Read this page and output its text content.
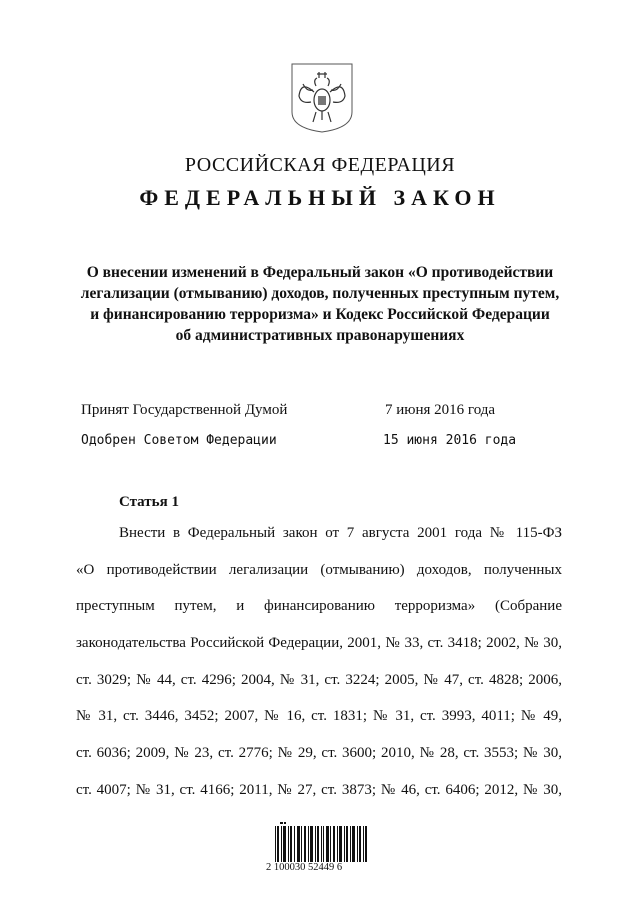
РОССИЙСКАЯ ФЕДЕРАЦИЯ
ФЕДЕРАЛЬНЫЙ ЗАКОН
О внесении изменений в Федеральный закон «О противодействии
легализации (отмыванию) доходов, полученных преступным путем,
и финансированию терроризма» и Кодекс Российской Федерации
об административных правонарушениях
Принят Государственной Думой	7 июня 2016 года
Одобрен Советом Федерации	15 июня 2016 года
Статья 1
Внести в Федеральный закон от 7 августа 2001 года № 115-ФЗ
«О противодействии легализации (отмыванию) доходов, полученных
преступным путем, и финансированию терроризма» (Собрание
законодательства Российской Федерации, 2001, № 33, ст. 3418; 2002, № 30,
ст. 3029; № 44, ст. 4296; 2004, № 31, ст. 3224; 2005, № 47, ст. 4828; 2006,
№ 31, ст. 3446, 3452; 2007, № 16, ст. 1831; № 31, ст. 3993, 4011; № 49,
ст. 6036; 2009, № 23, ст. 2776; № 29, ст. 3600; 2010, № 28, ст. 3553; № 30,
ст. 4007; № 31, ст. 4166; 2011, № 27, ст. 3873; № 46, ст. 6406; 2012, № 30,
2 100030 52449 6
